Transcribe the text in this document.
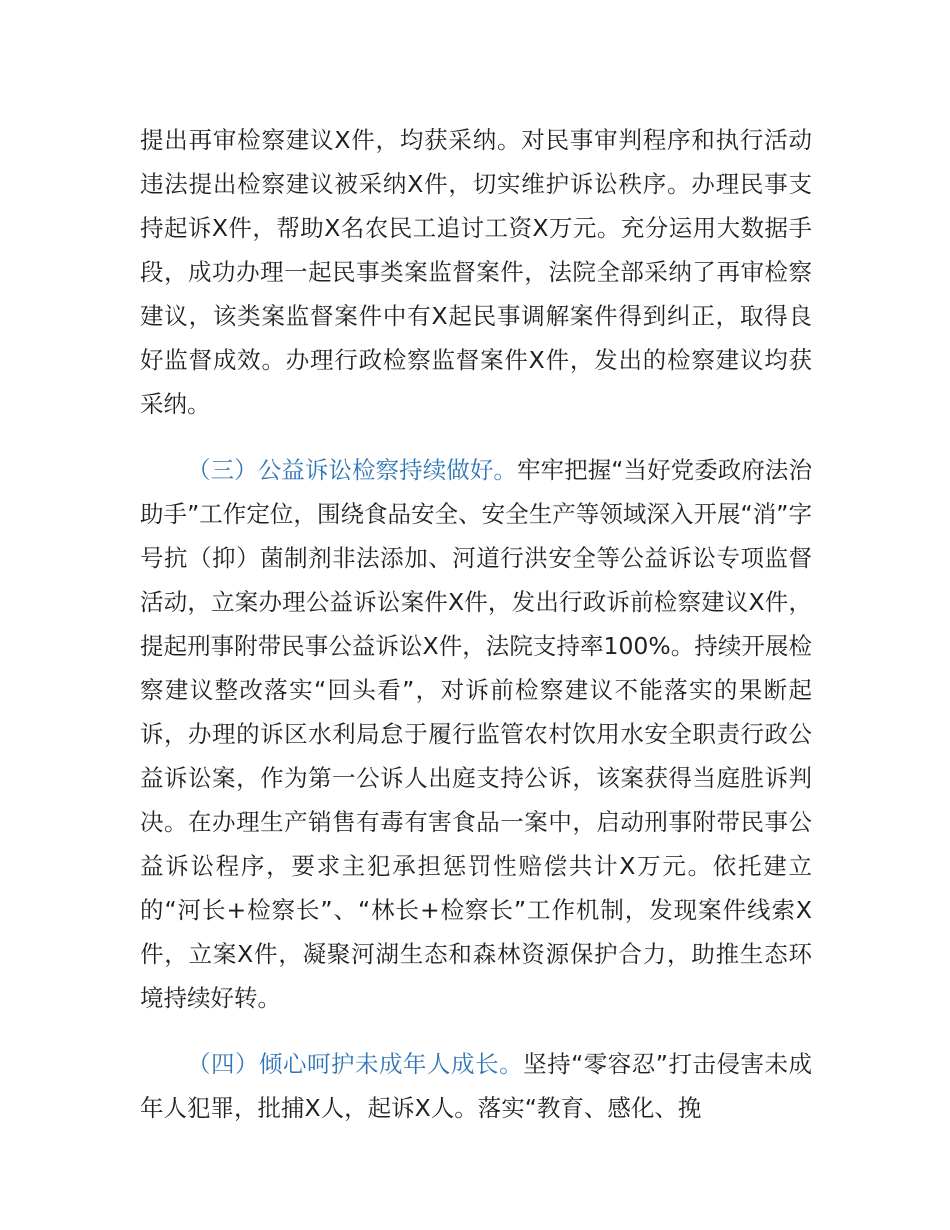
提出再审检察建议X件，均获采纳。对民事审判程序和执行活动违法提出检察建议被采纳X件，切实维护诉讼秩序。办理民事支持起诉X件，帮助X名农民工追讨工资X万元。充分运用大数据手段，成功办理一起民事类案监督案件，法院全部采纳了再审检察建议，该类案监督案件中有X起民事调解案件得到纠正，取得良好监督成效。办理行政检察监督案件X件，发出的检察建议均获采纳。

（三）公益诉讼检察持续做好。牢牢把握“当好党委政府法治助手”工作定位，围绕食品安全、安全生产等领域深入开展“消”字号抗（抑）菌制剂非法添加、河道行洪安全等公益诉讼专项监督活动，立案办理公益诉讼案件X件，发出行政诉前检察建议X件，提起刑事附带民事公益诉讼X件，法院支持率100%。持续开展检察建议整改落实“回头看”，对诉前检察建议不能落实的果断起诉，办理的诉区水利局怠于履行监管农村饮用水安全职责行政公益诉讼案，作为第一公诉人出庭支持公诉，该案获得当庭胜诉判决。在办理生产销售有毒有害食品一案中，启动刑事附带民事公益诉讼程序，要求主犯承担惩罚性赔偿共计X万元。依托建立的“河长+检察长”、“林长+检察长”工作机制，发现案件线索X件，立案X件，凝聚河湖生态和森林资源保护合力，助推生态环境持续好转。

（四）倾心呵护未成年人成长。坚持“零容忍”打击侵害未成年人犯罪，批捕X人，起诉X人。落实“教育、感化、挽
